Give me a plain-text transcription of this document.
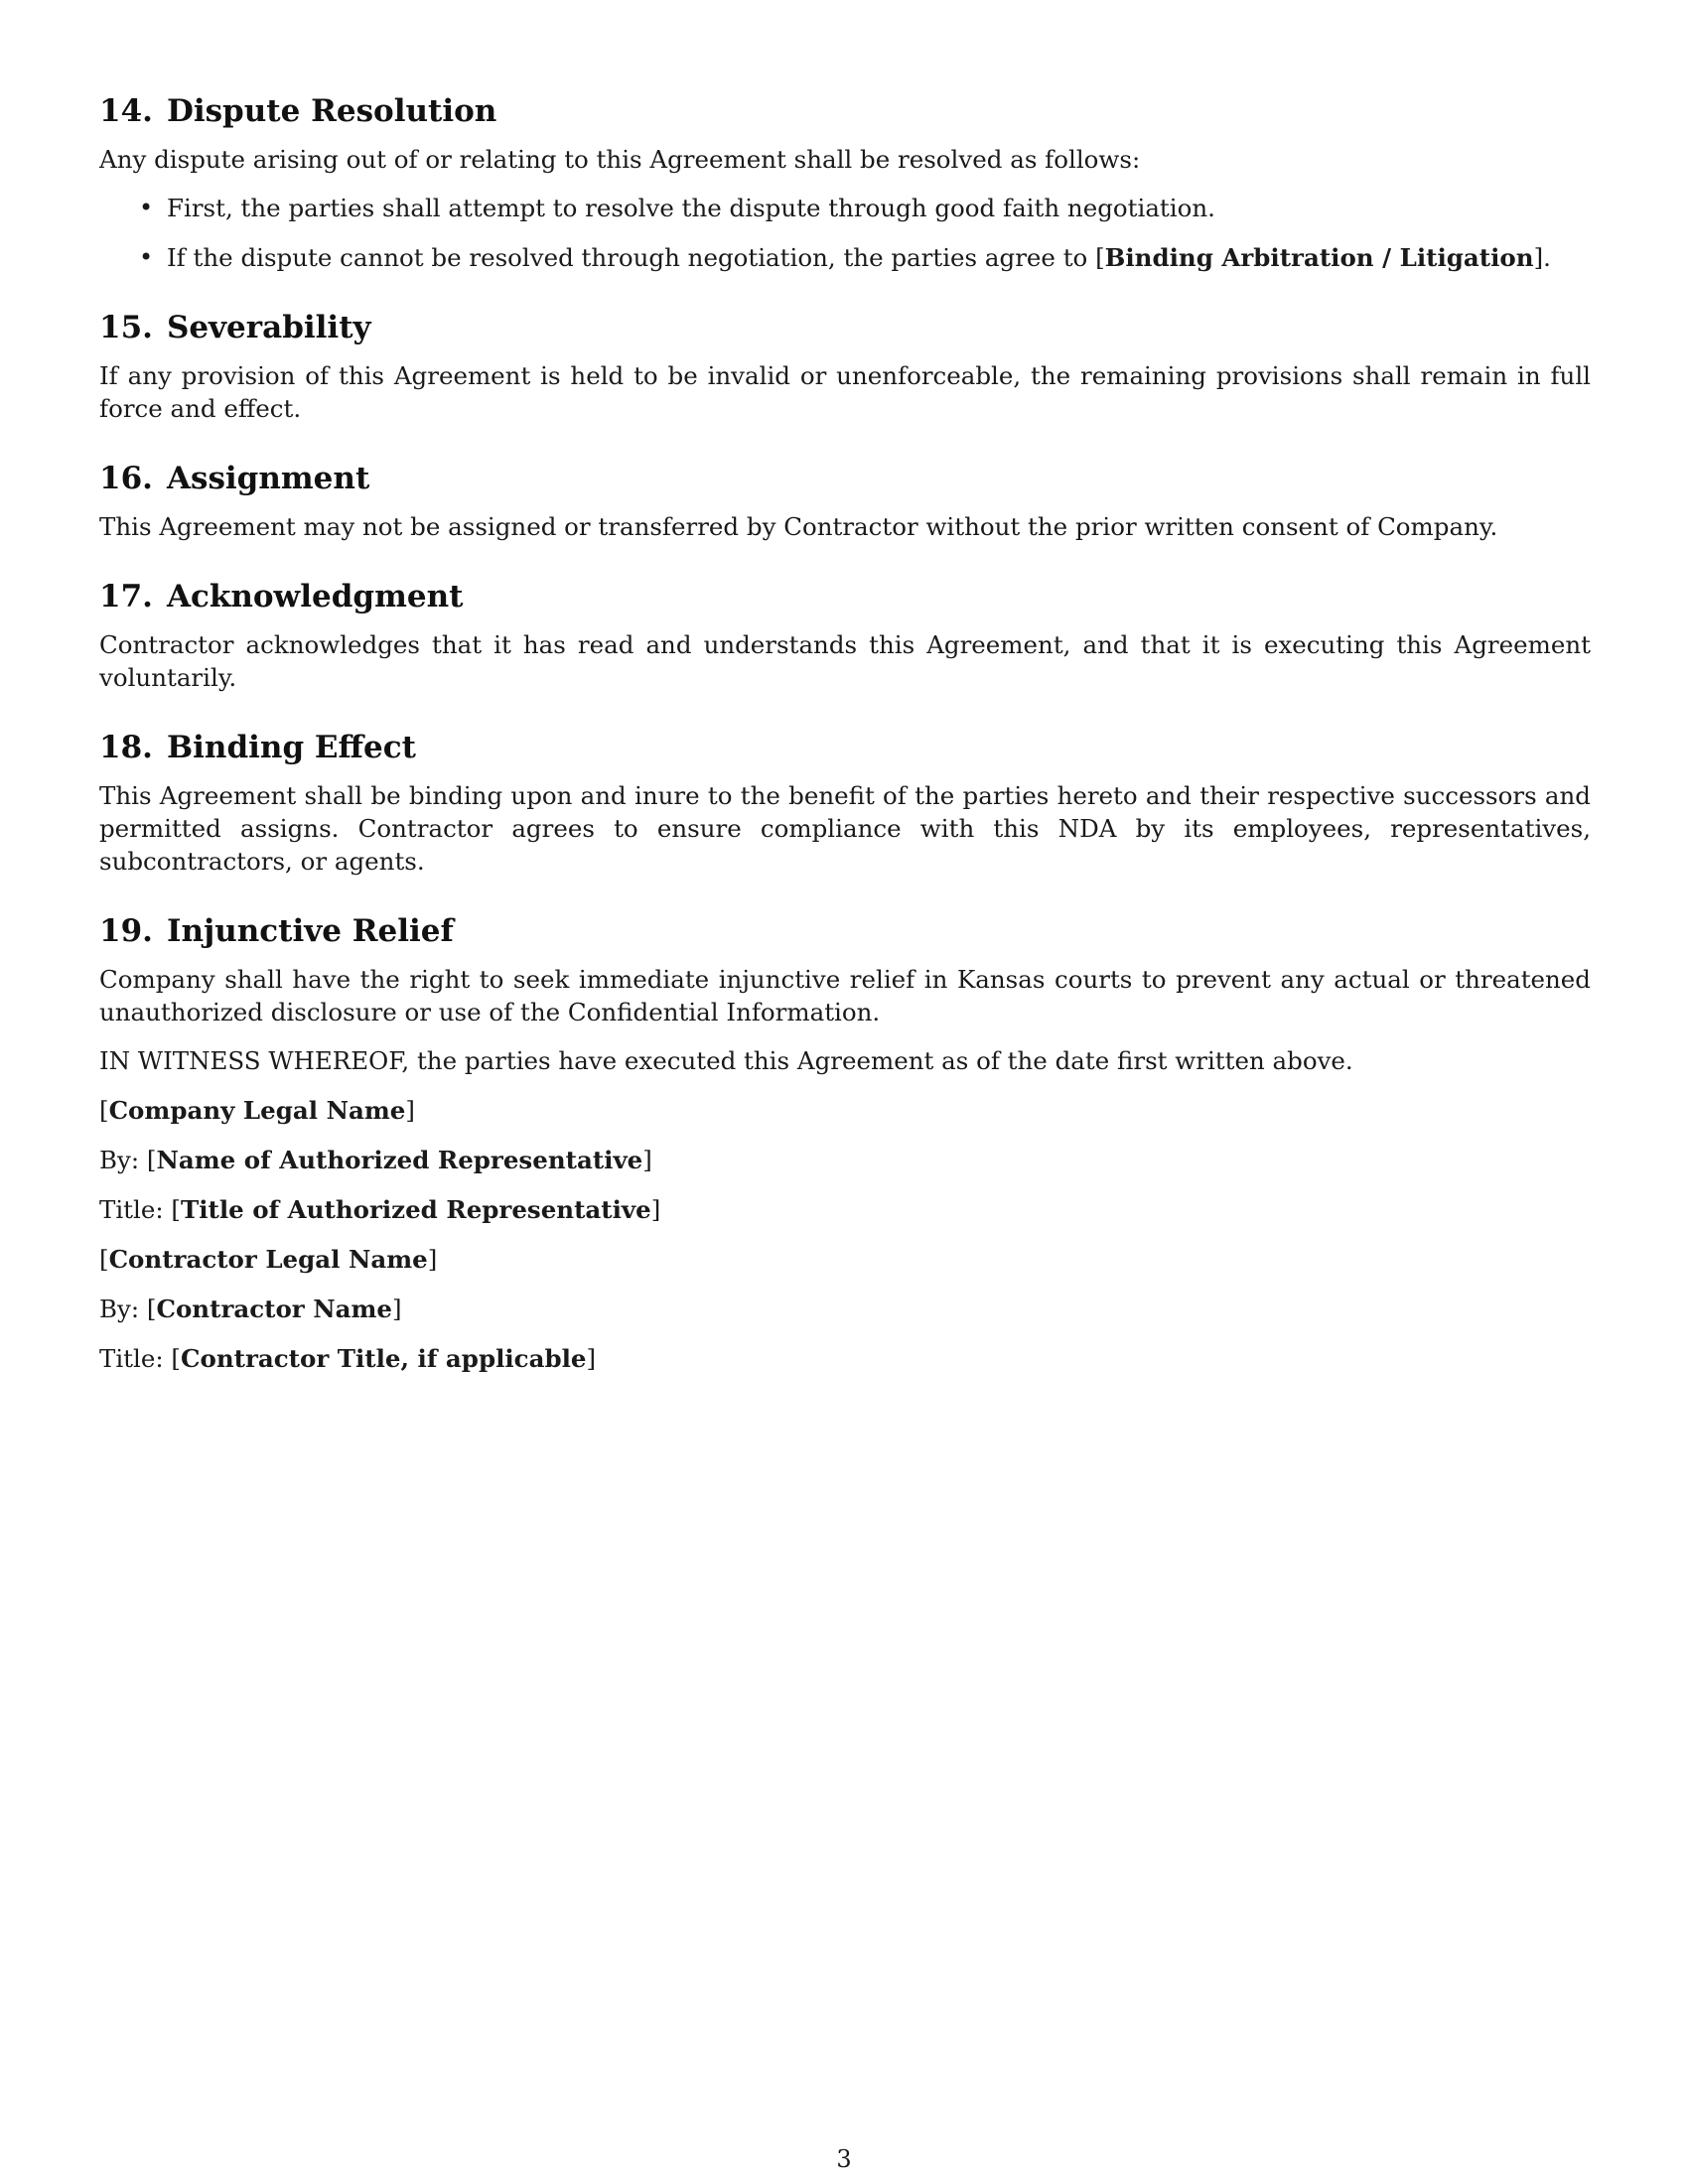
14. Dispute Resolution

Any dispute arising out of or relating to this Agreement shall be resolved as follows:

• First, the parties shall attempt to resolve the dispute through good faith negotiation.
• If the dispute cannot be resolved through negotiation, the parties agree to [Binding Arbitration / Litigation].
15. Severability

If any provision of this Agreement is held to be invalid or unenforceable, the remaining provisions shall remain in full force and effect.

16. Assignment

This Agreement may not be assigned or transferred by Contractor without the prior written consent of Company.

17. Acknowledgment

Contractor acknowledges that it has read and understands this Agreement, and that it is executing this Agreement voluntarily.

18. Binding Effect

This Agreement shall be binding upon and inure to the benefit of the parties hereto and their respective successors and permitted assigns. Contractor agrees to ensure compliance with this NDA by its employees, representatives, subcontractors, or agents.

19. Injunctive Relief

Company shall have the right to seek immediate injunctive relief in Kansas courts to prevent any actual or threatened unauthorized disclosure or use of the Confidential Information.

IN WITNESS WHEREOF, the parties have executed this Agreement as of the date first written above.

[Company Legal Name]

By: [Name of Authorized Representative]

Title: [Title of Authorized Representative]

[Contractor Legal Name]

By: [Contractor Name]

Title: [Contractor Title, if applicable]

3
